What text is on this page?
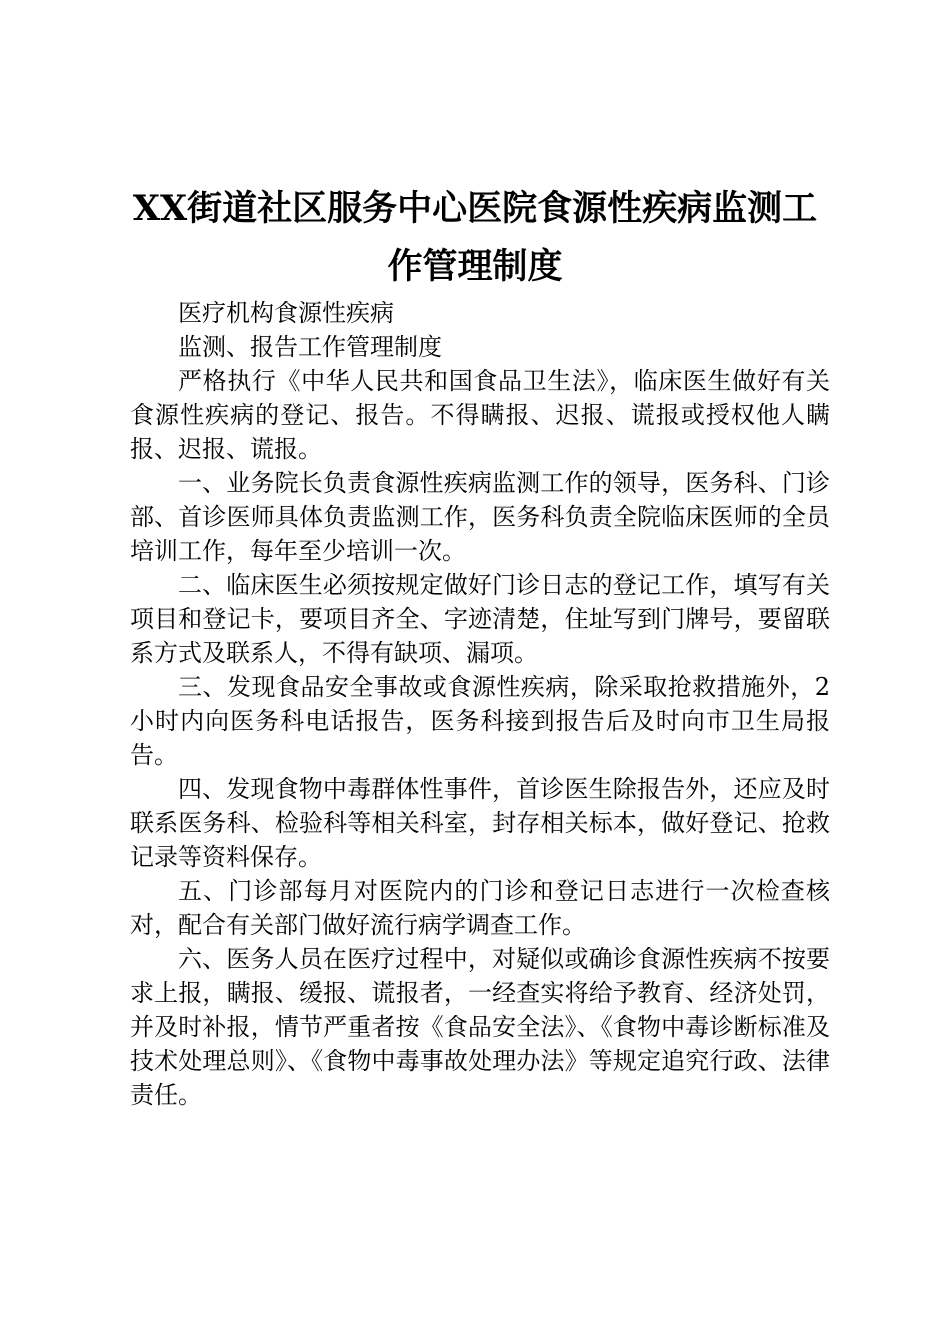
XX街道社区服务中心医院食源性疾病监测工
作管理制度

医疗机构食源性疾病

监测、报告工作管理制度

严格执行《中华人民共和国食品卫生法》，临床医生做好有关食源性疾病的登记、报告。不得瞒报、迟报、谎报或授权他人瞒报、迟报、谎报。

一、业务院长负责食源性疾病监测工作的领导，医务科、门诊部、首诊医师具体负责监测工作，医务科负责全院临床医师的全员培训工作，每年至少培训一次。

二、临床医生必须按规定做好门诊日志的登记工作，填写有关项目和登记卡，要项目齐全、字迹清楚，住址写到门牌号，要留联系方式及联系人，不得有缺项、漏项。

三、发现食品安全事故或食源性疾病，除采取抢救措施外，2小时内向医务科电话报告，医务科接到报告后及时向市卫生局报告。

四、发现食物中毒群体性事件，首诊医生除报告外，还应及时联系医务科、检验科等相关科室，封存相关标本，做好登记、抢救记录等资料保存。

五、门诊部每月对医院内的门诊和登记日志进行一次检查核对，配合有关部门做好流行病学调查工作。

六、医务人员在医疗过程中，对疑似或确诊食源性疾病不按要求上报，瞒报、缓报、谎报者，一经查实将给予教育、经济处罚，并及时补报，情节严重者按《食品安全法》、《食物中毒诊断标准及技术处理总则》、《食物中毒事故处理办法》等规定追究行政、法律责任。
